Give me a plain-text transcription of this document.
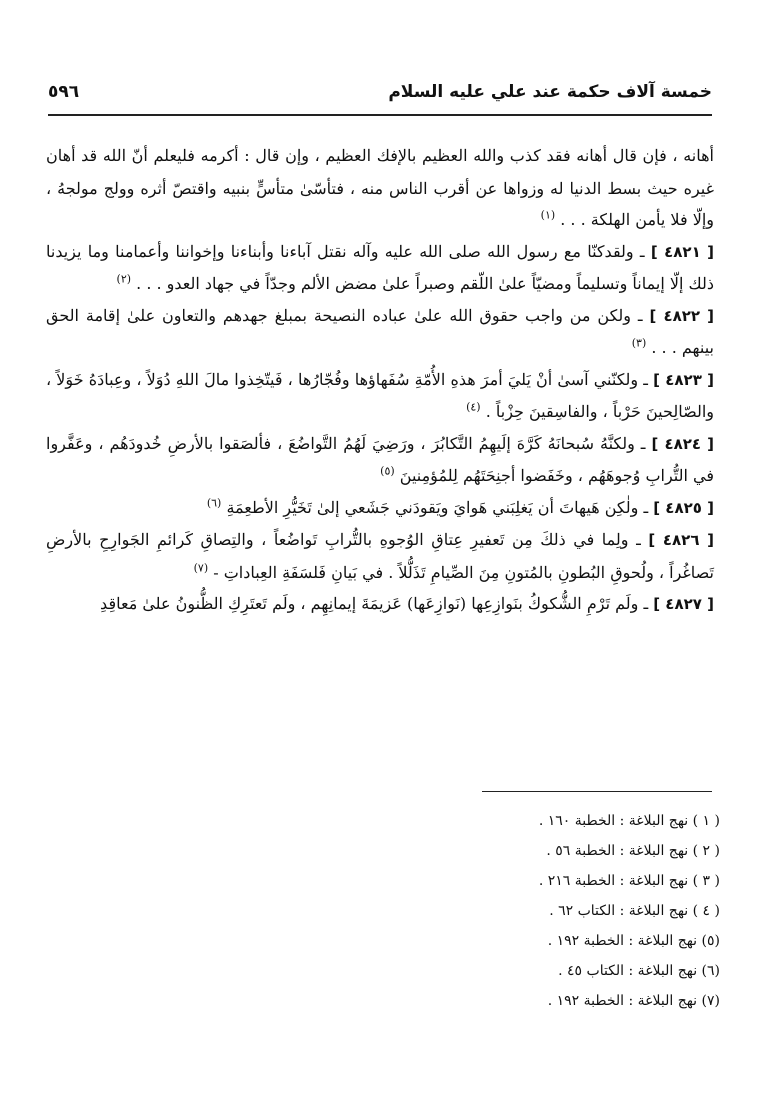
خمسة آلاف حكمة عند علي عليه السلام
٥٩٦

أهانه ، فإن قال أهانه فقد كذب والله العظيم بالإفك العظيم ، وإن قال : أكرمه فليعلم أنّ الله قد أهان غيره حيث بسط الدنيا له وزواها عن أقرب الناس منه ، فتأسّىٰ متأسٍّ بنبيه واقتصّ أثره وولج مولجهُ ، وإلّا فلا يأمن الهلكة . . . $^{(١)}$

[ ٤٨٢١ ] ـ ولقدكنّا مع رسول الله صلى الله عليه وآله نقتل آباءنا وأبناءنا وإخواننا وأعمامنا وما يزيدنا ذلك إلّا إيماناً وتسليماً ومضيّاً علىٰ اللّقم وصبراً علىٰ مضض الألم وجدّاً في جهاد العدو . . . $^{(٢)}$

[ ٤٨٢٢ ] ـ ولكن من واجب حقوق الله علىٰ عباده النصيحة بمبلغ جهدهم والتعاون علىٰ إقامة الحق بينهم . . . $^{(٣)}$

[ ٤٨٢٣ ] ـ ولكنّني آسىٰ أنْ يَليَ أمرَ هذهِ الأُمّةِ سُفَهاؤها وفُجّارُها ، فَيتّخِذوا مالَ اللهِ دُوَلاً ، وعِبادَهُ خَوَلاً ، والصّالِحينَ حَرْباً ، والفاسِقينَ حِزْباً . $^{(٤)}$

[ ٤٨٢٤ ] ـ ولكنَّهُ سُبحانَهُ كَرَّهَ إلَيهِمُ التَّكابُرَ ، ورَضِيَ لَهُمُ التَّواضُعَ ، فألصَقوا بالأرضِ خُدودَهُم ، وعَفَّروا في التُّرابِ وُجوهَهُم ، وخَفَضوا أجنِحَتَهُم لِلمُؤمِنينَ $^{(٥)}$

[ ٤٨٢٥ ] ـ ولٰكِن هَيهاتَ أن يَغلِبَني هَوايَ ويَقودَني جَشَعي إلىٰ تَخَيُّرِ الأطعِمَةِ $^{(٦)}$

[ ٤٨٢٦ ] ـ ولِما في ذلكَ مِن تَعفيرِ عِتاقِ الوُجوهِ بالتُّرابِ تَواضُعاً ، والتِصاقِ كَرائمِ الجَوارِحِ بالأرضِ تَصاغُراً ، ولُحوقِ البُطونِ بالمُتونِ مِنَ الصِّيامِ تَذَلُّلاً . في بَيانِ فَلسَفَةِ العِباداتِ - $^{(٧)}$

[ ٤٨٢٧ ] ـ ولَم تَرْمِ الشُّكوكُ بنَوازِعِها (نَوازِعَها) عَزيمَةَ إيمانِهِم ، ولَم تَعتَرِكِ الظُّنونُ علىٰ مَعاقِدِ

( ١ ) نهج البلاغة : الخطبة ١٦٠ .
( ٢ ) نهج البلاغة : الخطبة ٥٦ .
( ٣ ) نهج البلاغة : الخطبة ٢١٦ .
( ٤ ) نهج البلاغة : الكتاب ٦٢ .
(٥) نهج البلاغة : الخطبة ١٩٢ .
(٦) نهج البلاغة : الكتاب ٤٥ .
(٧) نهج البلاغة : الخطبة ١٩٢ .
